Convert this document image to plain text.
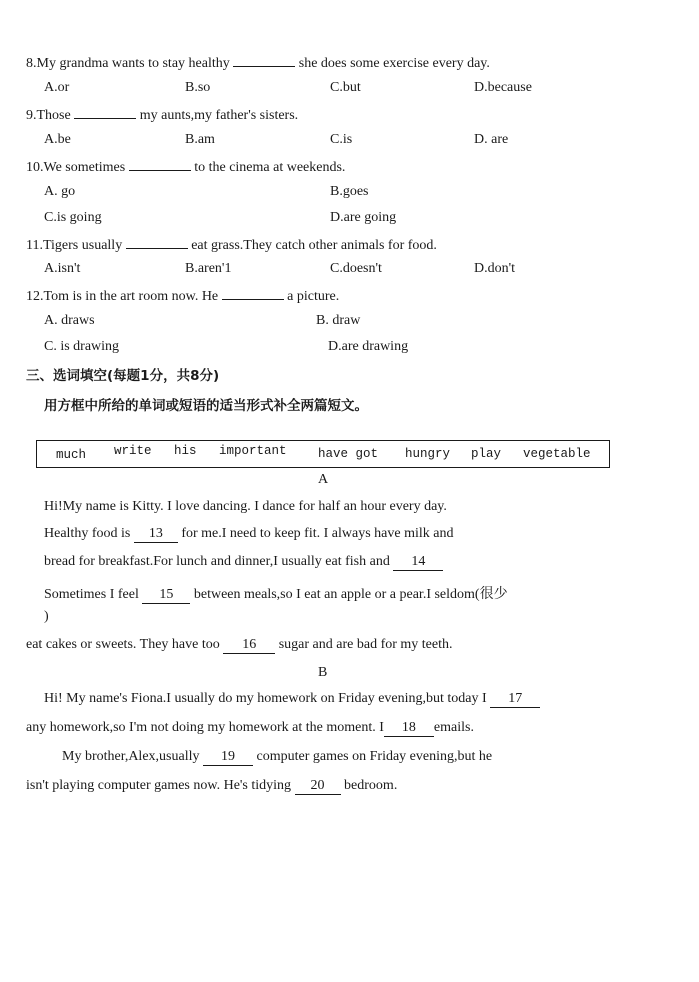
8.My grandma wants to stay healthy	she does some exercise every day.
A.or	B.so	C.but	D.because
9.Those	my aunts,my father's sisters.
A.be	B.am	C.is	D. are
10.We sometimes	to the cinema at weekends.
A. go	B.goes
C.is going	D.are going
11.Tigers usually	eat grass.They catch other animals for food.
A.isn't	B.aren'1	C.doesn't	D.don't
12.Tom is in the art room now. He	a picture.
A. draws	B. draw
C. is drawing	D.are drawing
三、选词填空(每题1分，共8分)
用方框中所给的单词或短语的适当形式补全两篇短文。
much write his important	have got hungry play vegetable
A
Hi!My name is Kitty. I love dancing. I dance for half an hour every day.
Healthy food is 13 for me.I need to keep fit. I always have milk and
bread for breakfast.For lunch and dinner,I usually eat fish and 14
Sometimes I feel 15 between meals,so I eat an apple or a pear.I seldom(很少
)
eat cakes or sweets. They have too 16 sugar and are bad for my teeth.
B
Hi! My name's Fiona.I usually do my homework on Friday evening,but today I 17
any homework,so I'm not doing my homework at the moment. I 18 emails.
My brother,Alex,usually 19 computer games on Friday evening,but he
isn't playing computer games now. He's tidying 20 bedroom.
